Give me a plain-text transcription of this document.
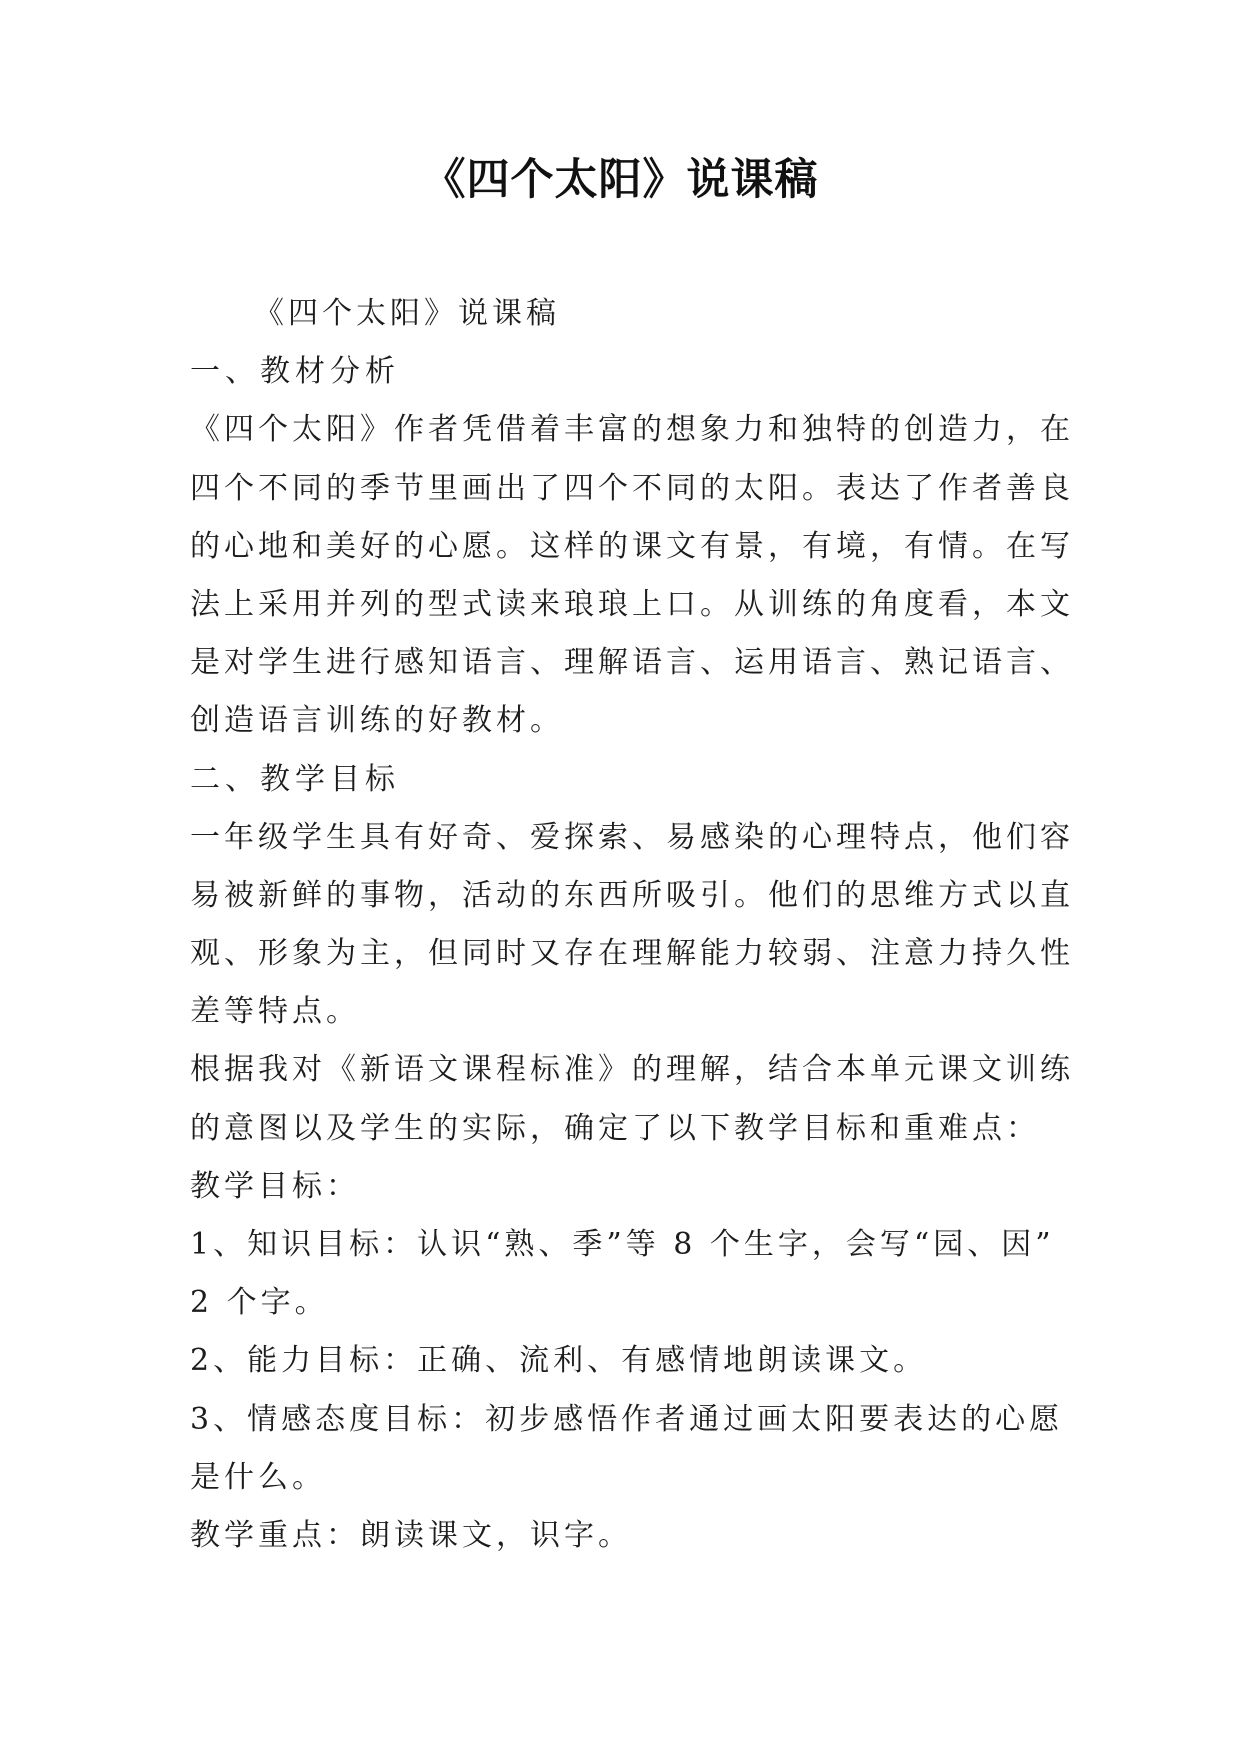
《四个太阳》说课稿
《四个太阳》说课稿
一、教材分析
《四个太阳》作者凭借着丰富的想象力和独特的创造力，在
四个不同的季节里画出了四个不同的太阳。表达了作者善良
的心地和美好的心愿。这样的课文有景，有境，有情。在写
法上采用并列的型式读来琅琅上口。从训练的角度看，本文
是对学生进行感知语言、理解语言、运用语言、熟记语言、
创造语言训练的好教材。
二、教学目标
一年级学生具有好奇、爱探索、易感染的心理特点，他们容
易被新鲜的事物，活动的东西所吸引。他们的思维方式以直
观、形象为主，但同时又存在理解能力较弱、注意力持久性
差等特点。
根据我对《新语文课程标准》的理解，结合本单元课文训练
的意图以及学生的实际，确定了以下教学目标和重难点：
教学目标：
1、知识目标：认识“熟、季”等 8 个生字，会写“园、因”
2 个字。
2、能力目标：正确、流利、有感情地朗读课文。
3、情感态度目标：初步感悟作者通过画太阳要表达的心愿
是什么。
教学重点：朗读课文，识字。
